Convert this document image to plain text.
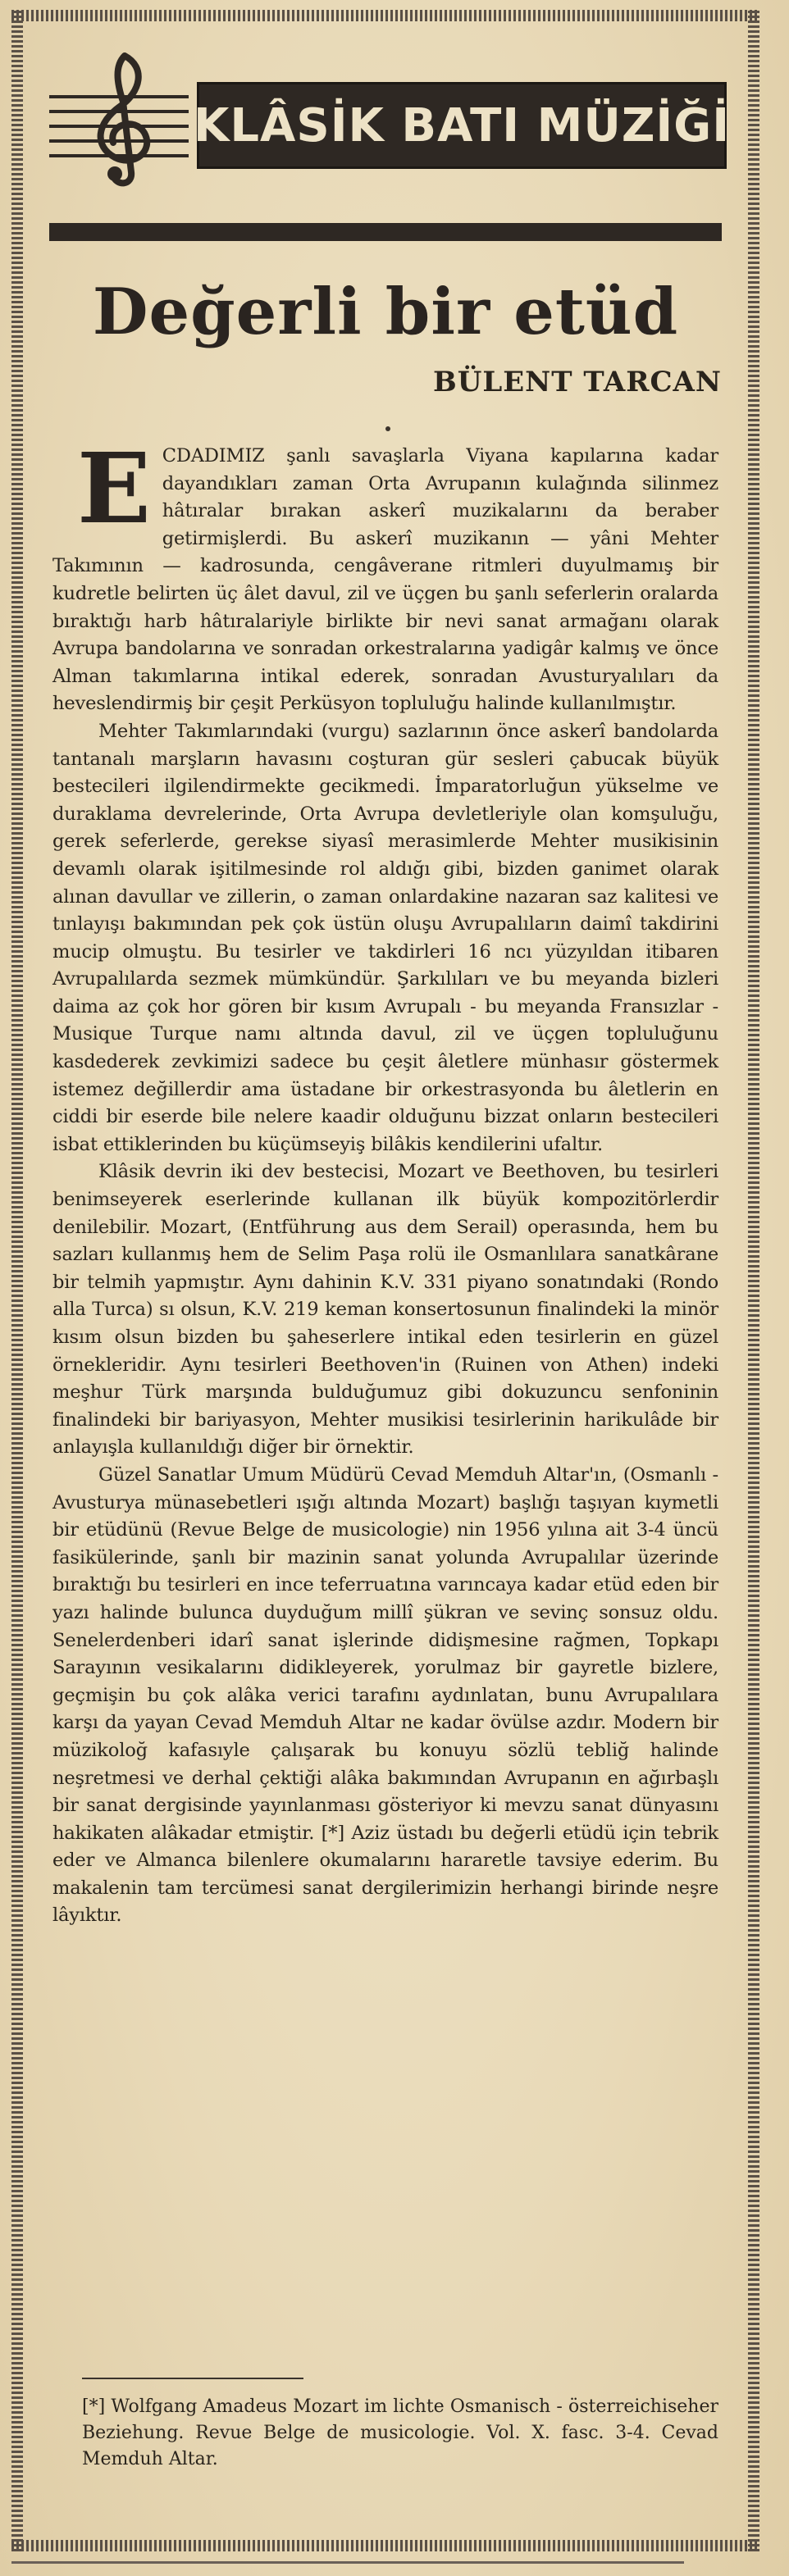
KLÂSİK BATI MÜZİĞİ
Değerli bir etüd
BÜLENT TARCAN

ECDADIMIZ şanlı savaşlarla Viyana kapılarına kadar dayandıkları zaman Orta Avrupanın kulağında silinmez hâtıralar bırakan askerî muzikalarını da beraber getirmişlerdi. Bu askerî muzikanın — yâni Mehter Takımının — kadrosunda, cengâverane ritmleri duyulmamış bir kudretle belirten üç âlet davul, zil ve üçgen bu şanlı seferlerin oralarda bıraktığı harb hâtıralariyle birlikte bir nevi sanat armağanı olarak Avrupa bandolarına ve sonradan orkestralarına yadigâr kalmış ve önce Alman takımlarına intikal ederek, sonradan Avusturyalıları da heveslendirmiş bir çeşit Perküsyon topluluğu halinde kullanılmıştır.

Mehter Takımlarındaki (vurgu) sazlarının önce askerî bandolarda tantanalı marşların havasını coşturan gür sesleri çabucak büyük bestecileri ilgilendirmekte gecikmedi. İmparatorluğun yükselme ve duraklama devrelerinde, Orta Avrupa devletleriyle olan komşuluğu, gerek seferlerde, gerekse siyasî merasimlerde Mehter musikisinin devamlı olarak işitilmesinde rol aldığı gibi, bizden ganimet olarak alınan davullar ve zillerin, o zaman onlardakine nazaran saz kalitesi ve tınlayışı bakımından pek çok üstün oluşu Avrupalıların daimî takdirini mucip olmuştu. Bu tesirler ve takdirleri 16 ncı yüzyıldan itibaren Avrupalılarda sezmek mümkündür. Şarkılıları ve bu meyanda bizleri daima az çok hor gören bir kısım Avrupalı - bu meyanda Fransızlar - Musique Turque namı altında davul, zil ve üçgen topluluğunu kasdederek zevkimizi sadece bu çeşit âletlere münhasır göstermek istemez değillerdir ama üstadane bir orkestrasyonda bu âletlerin en ciddi bir eserde bile nelere kaadir olduğunu bizzat onların bestecileri isbat ettiklerinden bu küçümseyiş bilâkis kendilerini ufaltır.

Klâsik devrin iki dev bestecisi, Mozart ve Beethoven, bu tesirleri benimseyerek eserlerinde kullanan ilk büyük kompozitörlerdir denilebilir. Mozart, (Entführung aus dem Serail) operasında, hem bu sazları kullanmış hem de Selim Paşa rolü ile Osmanlılara sanatkârane bir telmih yapmıştır. Aynı dahinin K.V. 331 piyano sonatındaki (Rondo alla Turca) sı olsun, K.V. 219 keman konsertosunun finalindeki la minör kısım olsun bizden bu şaheserlere intikal eden tesirlerin en güzel örnekleridir. Aynı tesirleri Beethoven'in (Ruinen von Athen) indeki meşhur Türk marşında bulduğumuz gibi dokuzuncu senfoninin finalindeki bir bariyasyon, Mehter musikisi tesirlerinin harikulâde bir anlayışla kullanıldığı diğer bir örnektir.

Güzel Sanatlar Umum Müdürü Cevad Memduh Altar'ın, (Osmanlı - Avusturya münasebetleri ışığı altında Mozart) başlığı taşıyan kıymetli bir etüdünü (Revue Belge de musicologie) nin 1956 yılına ait 3-4 üncü fasikülerinde, şanlı bir mazinin sanat yolunda Avrupalılar üzerinde bıraktığı bu tesirleri en ince teferruatına varıncaya kadar etüd eden bir yazı halinde bulunca duyduğum millî şükran ve sevinç sonsuz oldu. Senelerdenberi idarî sanat işlerinde didişmesine rağmen, Topkapı Sarayının vesikalarını didikleyerek, yorulmaz bir gayretle bizlere, geçmişin bu çok alâka verici tarafını aydınlatan, bunu Avrupalılara karşı da yayan Cevad Memduh Altar ne kadar övülse azdır. Modern bir müzikoloğ kafasıyle çalışarak bu konuyu sözlü tebliğ halinde neşretmesi ve derhal çektiği alâka bakımından Avrupanın en ağırbaşlı bir sanat dergisinde yayınlanması gösteriyor ki mevzu sanat dünyasını hakikaten alâkadar etmiştir. [*] Aziz üstadı bu değerli etüdü için tebrik eder ve Almanca bilenlere okumalarını hararetle tavsiye ederim. Bu makalenin tam tercümesi sanat dergilerimizin herhangi birinde neşre lâyıktır.

[*] Wolfgang Amadeus Mozart im lichte Osmanisch - österreichiseher Beziehung. Revue Belge de musicologie. Vol. X. fasc. 3-4. Cevad Memduh Altar.
